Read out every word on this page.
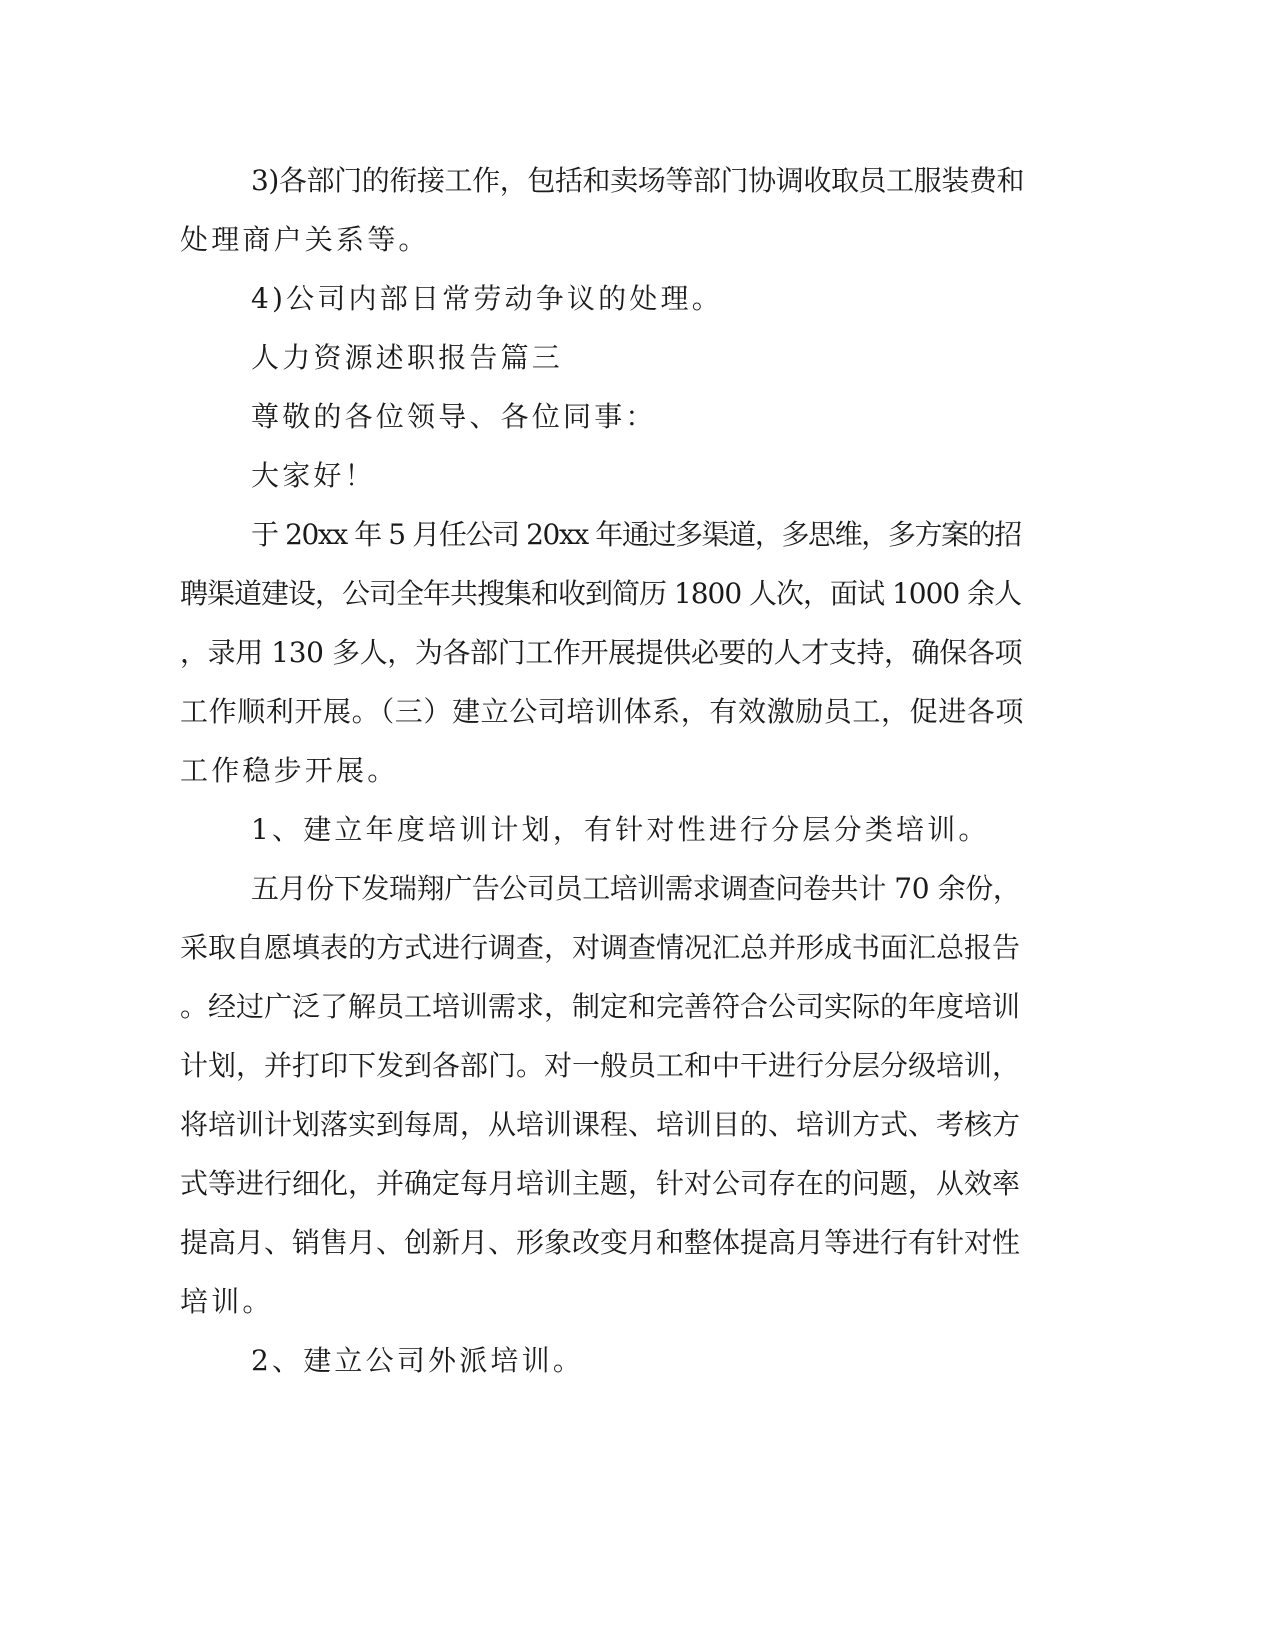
3)各部门的衔接工作，包括和卖场等部门协调收取员工服装费和
处理商户关系等。
4)公司内部日常劳动争议的处理。
人力资源述职报告篇三
尊敬的各位领导、各位同事：
大家好！
于 20xx 年 5 月任公司 20xx 年通过多渠道，多思维，多方案的招
聘渠道建设，公司全年共搜集和收到简历 1800 人次，面试 1000 余人
，录用 130 多人，为各部门工作开展提供必要的人才支持，确保各项
工作顺利开展。（三）建立公司培训体系，有效激励员工，促进各项
工作稳步开展。
1、建立年度培训计划，有针对性进行分层分类培训。
五月份下发瑞翔广告公司员工培训需求调查问卷共计 70 余份，
采取自愿填表的方式进行调查，对调查情况汇总并形成书面汇总报告
。经过广泛了解员工培训需求，制定和完善符合公司实际的年度培训
计划，并打印下发到各部门。对一般员工和中干进行分层分级培训，
将培训计划落实到每周，从培训课程、培训目的、培训方式、考核方
式等进行细化，并确定每月培训主题，针对公司存在的问题，从效率
提高月、销售月、创新月、形象改变月和整体提高月等进行有针对性
培训。
2、建立公司外派培训。
